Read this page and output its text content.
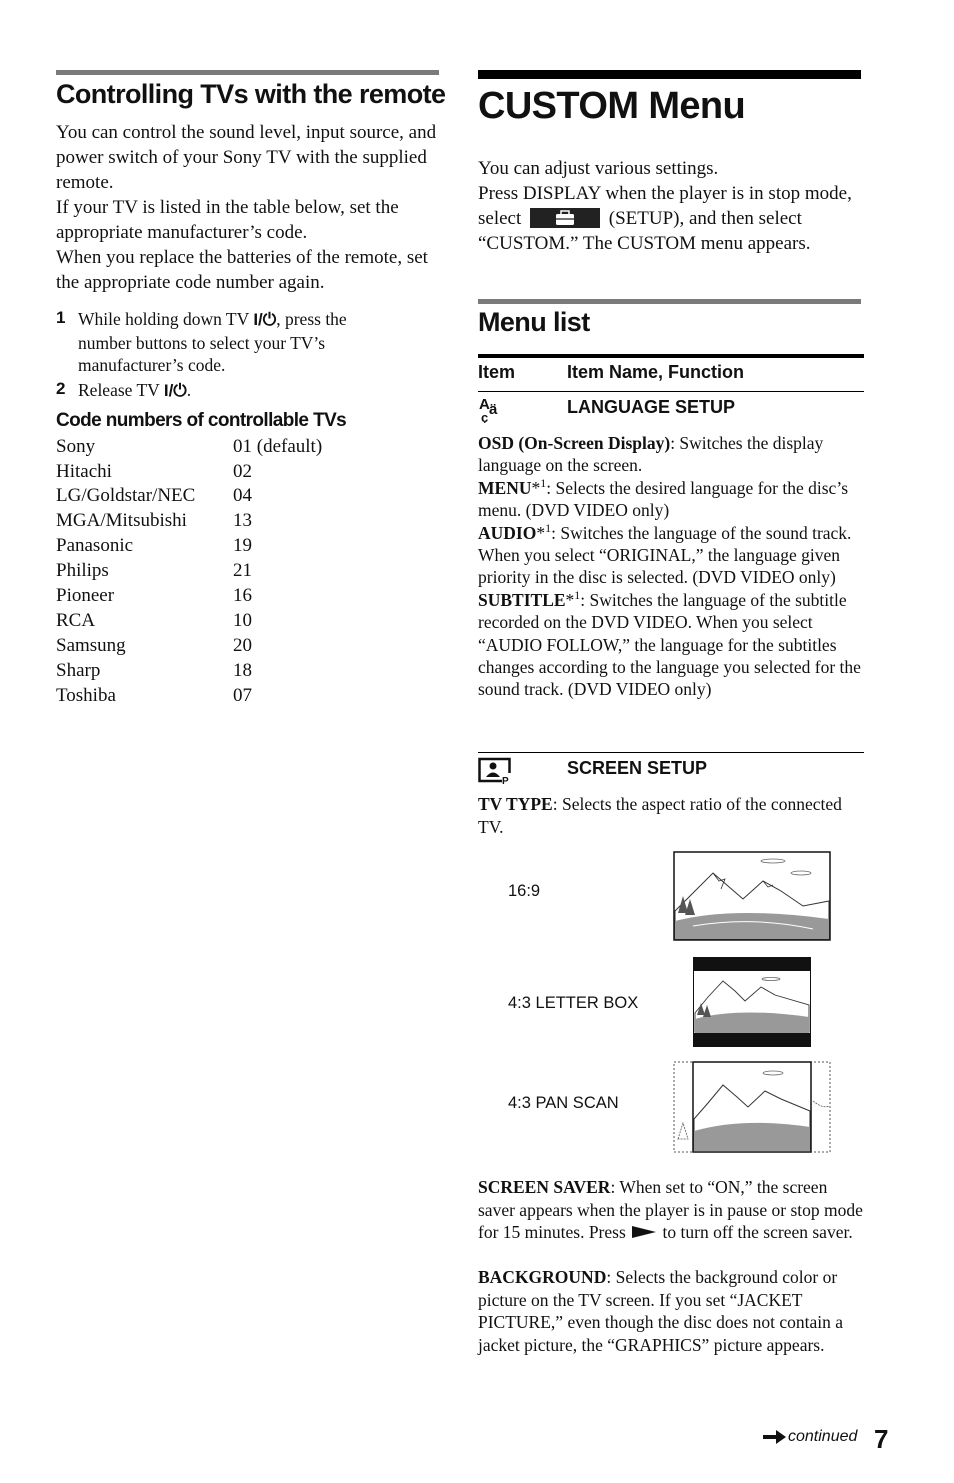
Controlling TVs with the remote

You can control the sound level, input source, and power switch of your Sony TV with the supplied remote.

If your TV is listed in the table below, set the appropriate manufacturer’s code.

When you replace the batteries of the remote, set the appropriate code number again.

1 While holding down TV I/⏻, press the number buttons to select your TV’s manufacturer’s code.
2 Release TV I/⏻.
Code numbers of controllable TVs
Sony	01 (default)
Hitachi	02
LG/Goldstar/NEC 04
MGA/Mitsubishi 13
Panasonic	19
Philips	21
Pioneer	16
RCA	10
Samsung	20
Sharp	18
Toshiba	07
CUSTOM Menu

You can adjust various settings.

Press DISPLAY when the player is in stop mode, select	(SETUP), and then select “CUSTOM.” The CUSTOM menu appears.
Menu list
Item	Item Name, Function
A ä
ç
LANGUAGE SETUP
OSD (On-Screen Display): Switches the display language on the screen.
MENU*$^1$: Selects the desired language for the disc’s menu. (DVD VIDEO only)
AUDIO*$^1$: Switches the language of the sound track. When you select “ORIGINAL,” the language given priority in the disc is selected. (DVD VIDEO only)
SUBTITLE*$^1$: Switches the language of the subtitle recorded on the DVD VIDEO. When you select “AUDIO FOLLOW,” the language for the subtitles changes according to the language you selected for the sound track. (DVD VIDEO only)
P
SCREEN SETUP
TV TYPE: Selects the aspect ratio of the connected TV.
16:9
4:3 LETTER BOX
4:3 PAN SCAN
SCREEN SAVER: When set to “ON,” the screen saver appears when the player is in pause or stop mode for 15 minutes. Press to turn off the screen saver.
BACKGROUND: Selects the background color or picture on the TV screen. If you set “JACKET PICTURE,” even though the disc does not contain a jacket picture, the “GRAPHICS” picture appears.
continued 7
